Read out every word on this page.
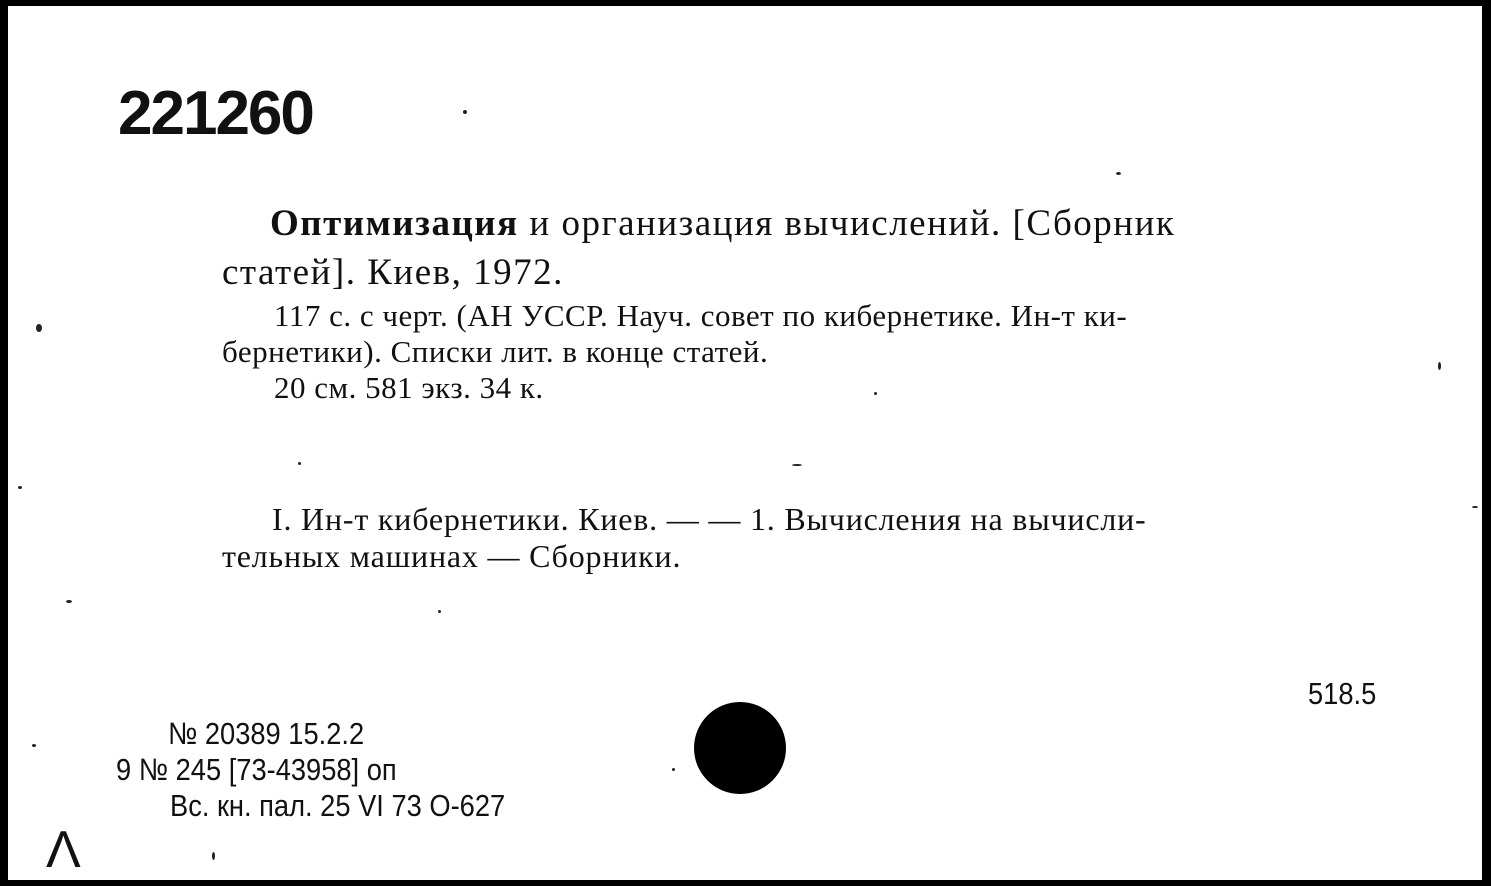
221260
Оптимизация и организация вычислений. [Сборник
статей]. Киев, 1972.
117 с. с черт. (АН УССР. Науч. совет по кибернетике. Ин-т ки-
бернетики). Списки лит. в конце статей.
20 см. 581 экз. 34 к.
I. Ин-т кибернетики. Киев. — — 1. Вычисления на вычисли-
тельных машинах — Сборники.
518.5
№ 20389 15.2.2
9 № 245 [73-43958] оп
Вс. кн. пал. 25 VI 73 О-627
Λ
